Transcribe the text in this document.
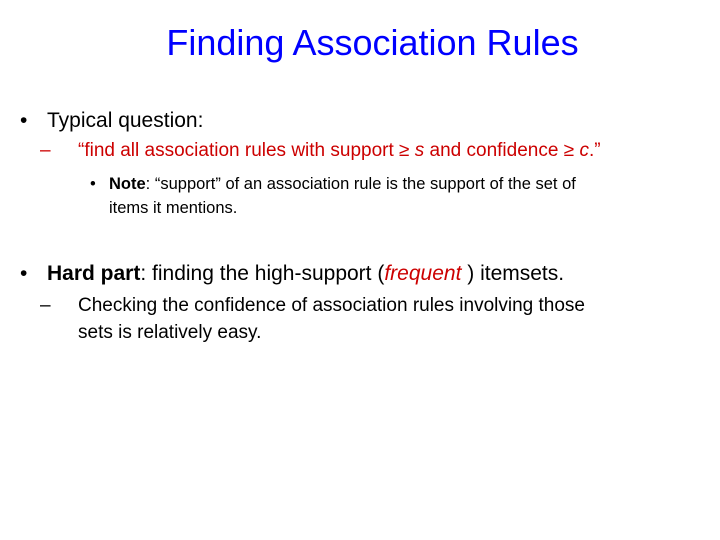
Finding Association Rules
• Typical question:
– “find all association rules with support ≥ s and confidence ≥ c.”
• Note: “support” of an association rule is the support of the set of
items it mentions.
• Hard part: finding the high-support (frequent ) itemsets.
– Checking the confidence of association rules involving those
sets is relatively easy.
